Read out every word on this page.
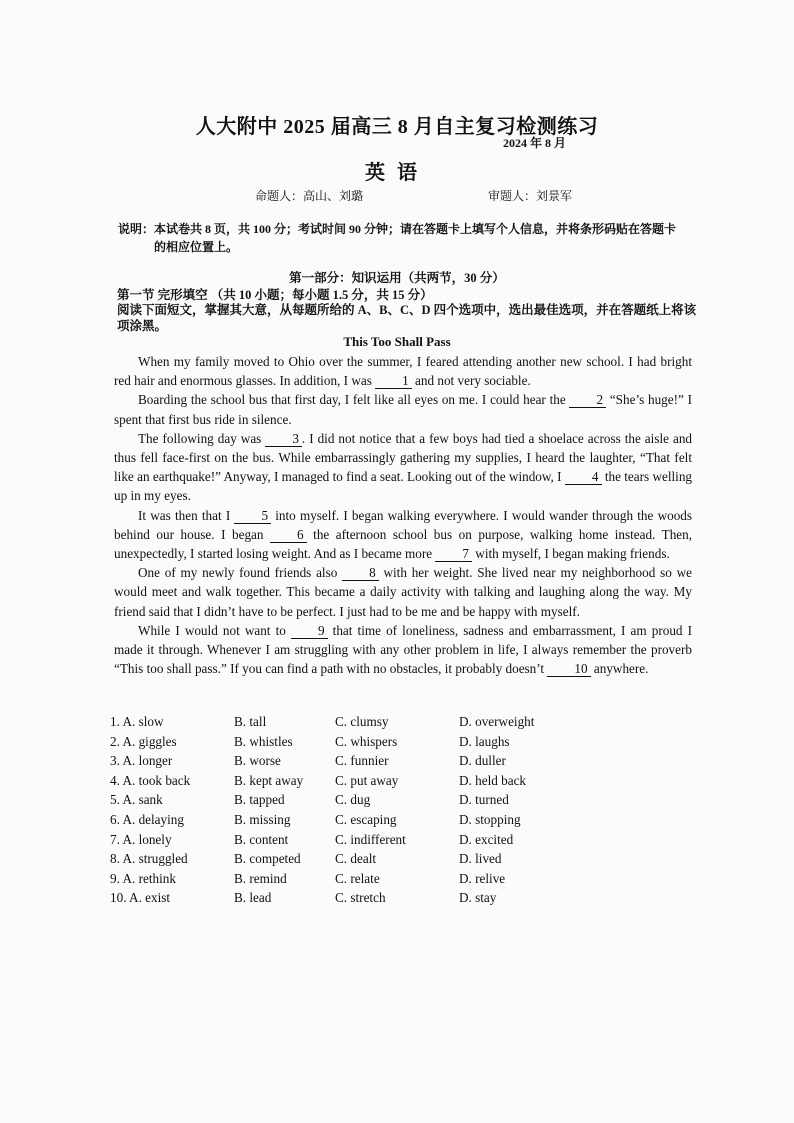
人大附中 2025 届高三 8 月自主复习检测练习
2024 年 8 月
英语
命题人：高山、刘璐	审题人：刘景军
说明：本试卷共 8 页，共 100 分；考试时间 90 分钟；请在答题卡上填写个人信息，并将条形码贴在答题卡
的相应位置上。
第一部分：知识运用（共两节，30 分）
第一节 完形填空 （共 10 小题；每小题 1.5 分，共 15 分）
阅读下面短文，掌握其大意，从每题所给的 A、B、C、D 四个选项中，选出最佳选项，并在答题纸上将该项涂黑。
This Too Shall Pass

When my family moved to Ohio over the summer, I feared attending another new school. I had bright red hair and enormous glasses. In addition, I was 1 and not very sociable.

Boarding the school bus that first day, I felt like all eyes on me. I could hear the 2 “She’s huge!” I spent that first bus ride in silence.

The following day was 3 . I did not notice that a few boys had tied a shoelace across the aisle and thus fell face-first on the bus. While embarrassingly gathering my supplies, I heard the laughter, “That felt like an earthquake!” Anyway, I managed to find a seat. Looking out of the window, I 4 the tears welling up in my eyes.

It was then that I 5 into myself. I began walking everywhere. I would wander through the woods behind our house. I began	6 the afternoon school bus on purpose, walking home instead. Then, unexpectedly, I started losing weight. And as I became more 7 with myself, I began making friends.

One of my newly found friends also 8 with her weight. She lived near my neighborhood so we would meet and walk together. This became a daily activity with talking and laughing along the way. My friend said that I didn’t have to be perfect. I just had to be me and be happy with myself.

While I would not want to 9 that time of loneliness, sadness and embarrassment, I am proud I made it through. Whenever I am struggling with any other problem in life, I always remember the proverb “This too shall pass.” If you can find a path with no obstacles, it probably doesn’t 10 anywhere.

1. A. slow	B. tall	C. clumsy	D. overweight
2. A. giggles	B. whistles	C. whispers	D. laughs
3. A. longer	B. worse	C. funnier	D. duller
4. A. took back	B. kept away C. put away	D. held back
5. A. sank	B. tapped	C. dug	D. turned
6. A. delaying	B. missing	C. escaping	D. stopping
7. A. lonely	B. content	C. indifferent	D. excited
8. A. struggled	B. competed	C. dealt	D. lived
9. A. rethink	B. remind	C. relate	D. relive
10. A. exist	B. lead	C. stretch	D. stay
